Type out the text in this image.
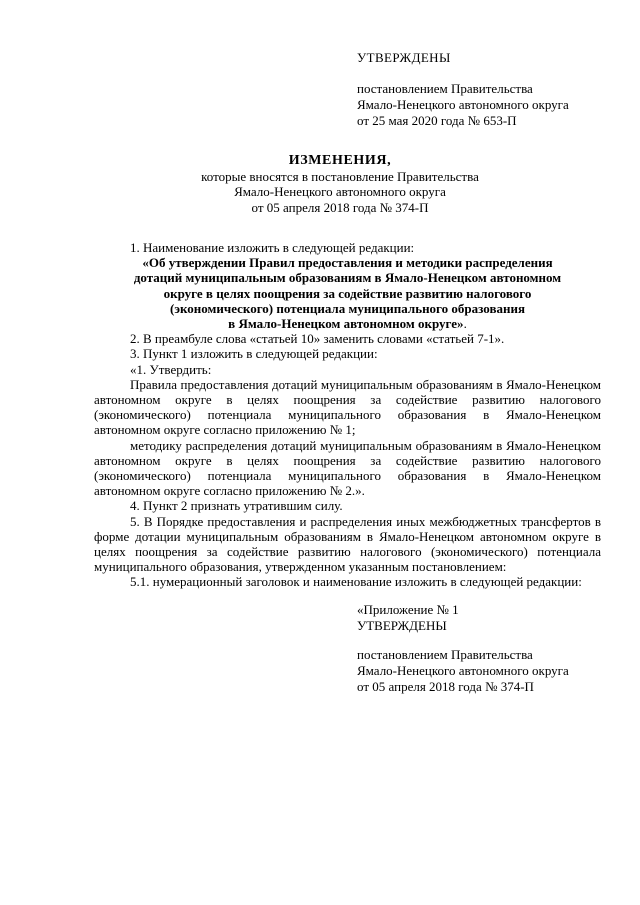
УТВЕРЖДЕНЫ
постановлением Правительства
Ямало-Ненецкого автономного округа
от 25 мая 2020 года № 653-П
ИЗМЕНЕНИЯ,
которые вносятся в постановление Правительства
Ямало-Ненецкого автономного округа
от 05 апреля 2018 года № 374-П

1. Наименование изложить в следующей редакции:

«Об утверждении Правил предоставления и методики распределения
дотаций муниципальным образованиям в Ямало-Ненецком автономном
округе в целях поощрения за содействие развитию налогового
(экономического) потенциала муниципального образования
в Ямало-Ненецком автономном округе».

2. В преамбуле слова «статьей 10» заменить словами «статьей 7-1».

3. Пункт 1 изложить в следующей редакции:

«1. Утвердить:

Правила предоставления дотаций муниципальным образованиям в Ямало-Ненецком автономном округе в целях поощрения за содействие развитию налогового (экономического) потенциала муниципального образования в Ямало-Ненецком автономном округе согласно приложению № 1;

методику распределения дотаций муниципальным образованиям в Ямало-Ненецком автономном округе в целях поощрения за содействие развитию налогового (экономического) потенциала муниципального образования в Ямало-Ненецком автономном округе согласно приложению № 2.».

4. Пункт 2 признать утратившим силу.

5. В Порядке предоставления и распределения иных межбюджетных трансфертов в форме дотации муниципальным образованиям в Ямало-Ненецком автономном округе в целях поощрения за содействие развитию налогового (экономического) потенциала муниципального образования, утвержденном указанным постановлением:

5.1. нумерационный заголовок и наименование изложить в следующей редакции:

«Приложение № 1
УТВЕРЖДЕНЫ
постановлением Правительства
Ямало-Ненецкого автономного округа
от 05 апреля 2018 года № 374-П
